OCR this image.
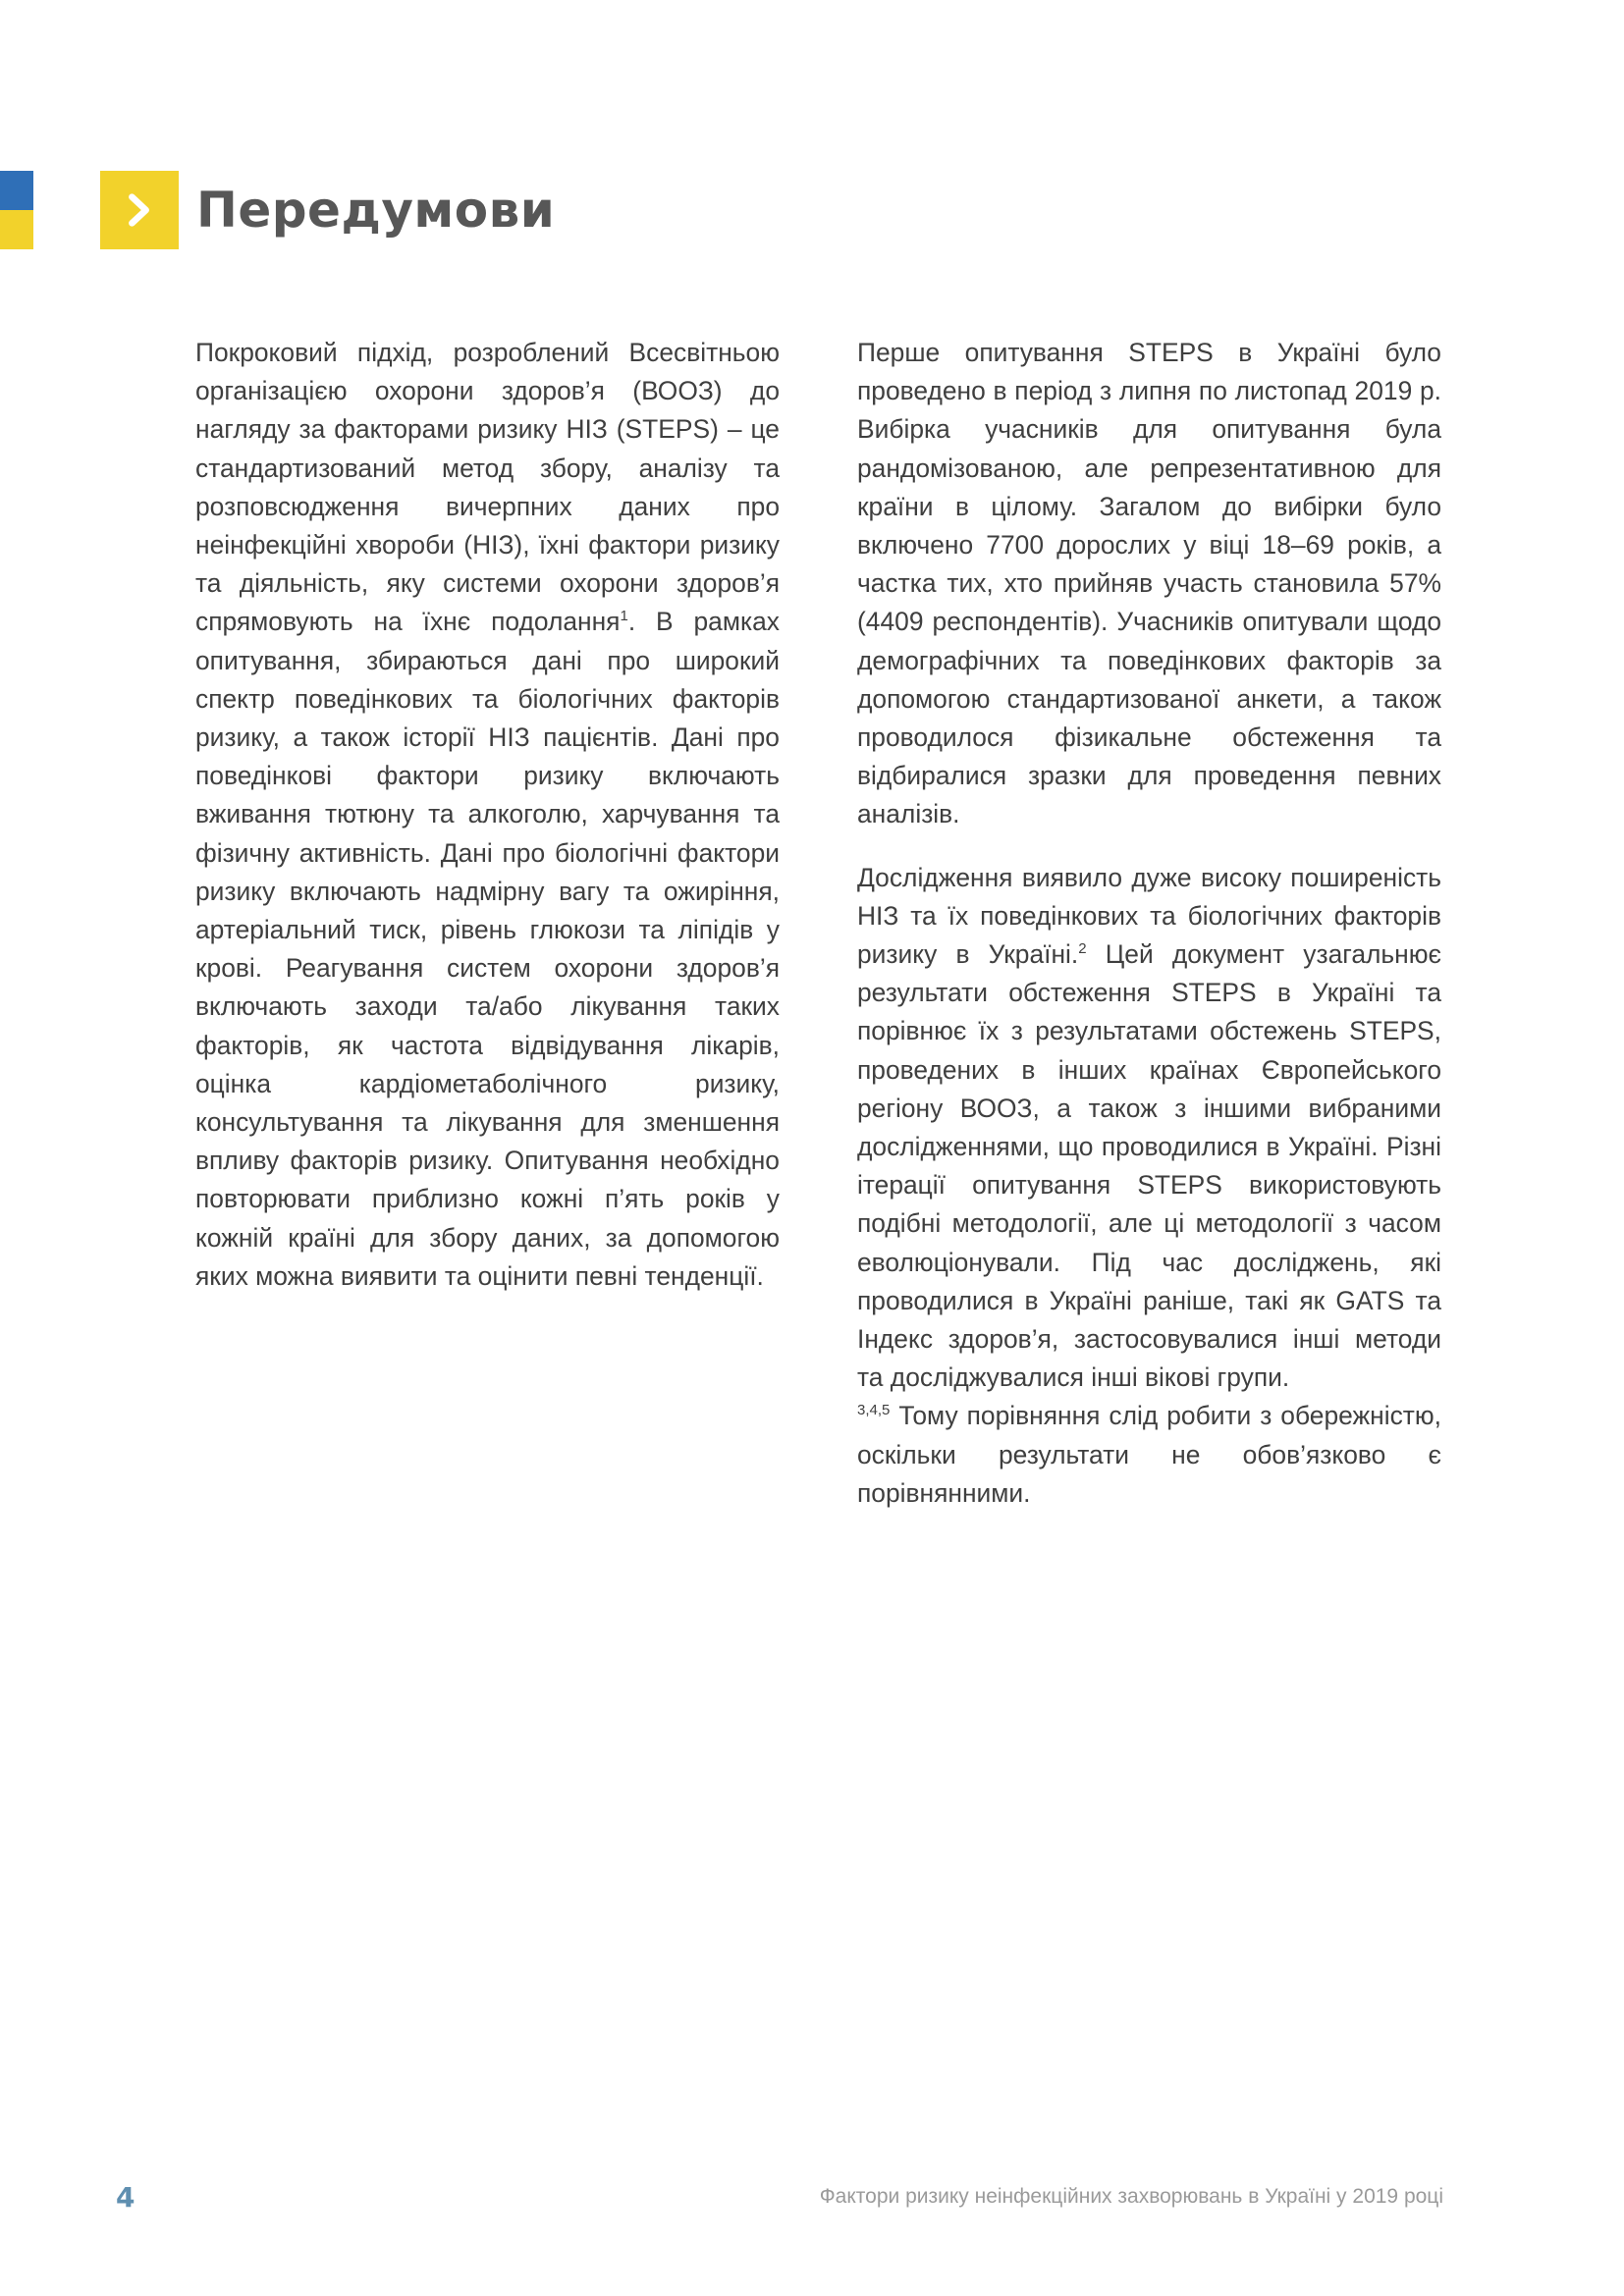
Передумови

Покроковий підхід, розроблений Всесвітньою організацією охорони здоров’я (ВООЗ) до нагляду за факторами ризику НІЗ (STEPS) – це стандартизований метод збору, аналізу та розповсюдження вичерпних даних про неінфекційні хвороби (НІЗ), їхні фактори ризику та діяльність, яку системи охорони здоров’я спрямовують на їхнє подолання$^1$. В рамках опитування, збираються дані про широкий спектр поведінкових та біологічних факторів ризику, а також історії НІЗ пацієнтів. Дані про поведінкові фактори ризику включають вживання тютюну та алкоголю, харчування та фізичну активність. Дані про біологічні фактори ризику включають надмірну вагу та ожиріння, артеріальний тиск, рівень глюкози та ліпідів у крові. Реагування систем охорони здоров’я включають заходи та/або лікування таких факторів, як частота відвідування лікарів, оцінка кардіометаболічного ризику, консультування та лікування для зменшення впливу факторів ризику. Опитування необхідно повторювати приблизно кожні п’ять років у кожній країні для збору даних, за допомогою яких можна виявити та оцінити певні тенденції.

Перше опитування STEPS в Україні було проведено в період з липня по листопад 2019 р. Вибірка учасників для опитування була рандомізованою, але репрезентативною для країни в цілому. Загалом до вибірки було включено 7700 дорослих у віці 18–69 років, а частка тих, хто прийняв участь становила 57% (4409 респондентів). Учасників опитували щодо демографічних та поведінкових факторів за допомогою стандартизованої анкети, а також проводилося фізикальне обстеження та відбиралися зразки для проведення певних аналізів.

Дослідження виявило дуже високу поширеність НІЗ та їх поведінкових та біологічних факторів ризику в Україні.$^2$ Цей документ узагальнює результати обстеження STEPS в Україні та порівнює їх з результатами обстежень STEPS, проведених в інших країнах Європейського регіону ВООЗ, а також з іншими вибраними дослідженнями, що проводилися в Україні. Різні ітерації опитування STEPS використовують подібні методології, але ці методології з часом еволюціонували. Під час досліджень, які проводилися в Україні раніше, такі як GATS та Індекс здоров’я, застосовувалися інші методи та досліджувалися інші вікові групи.
$^{3,4,5}$ Тому порівняння слід робити з обережністю, оскільки результати не обов’язково є порівнянними.

4	Фактори ризику неінфекційних захворювань в Україні у 2019 році
